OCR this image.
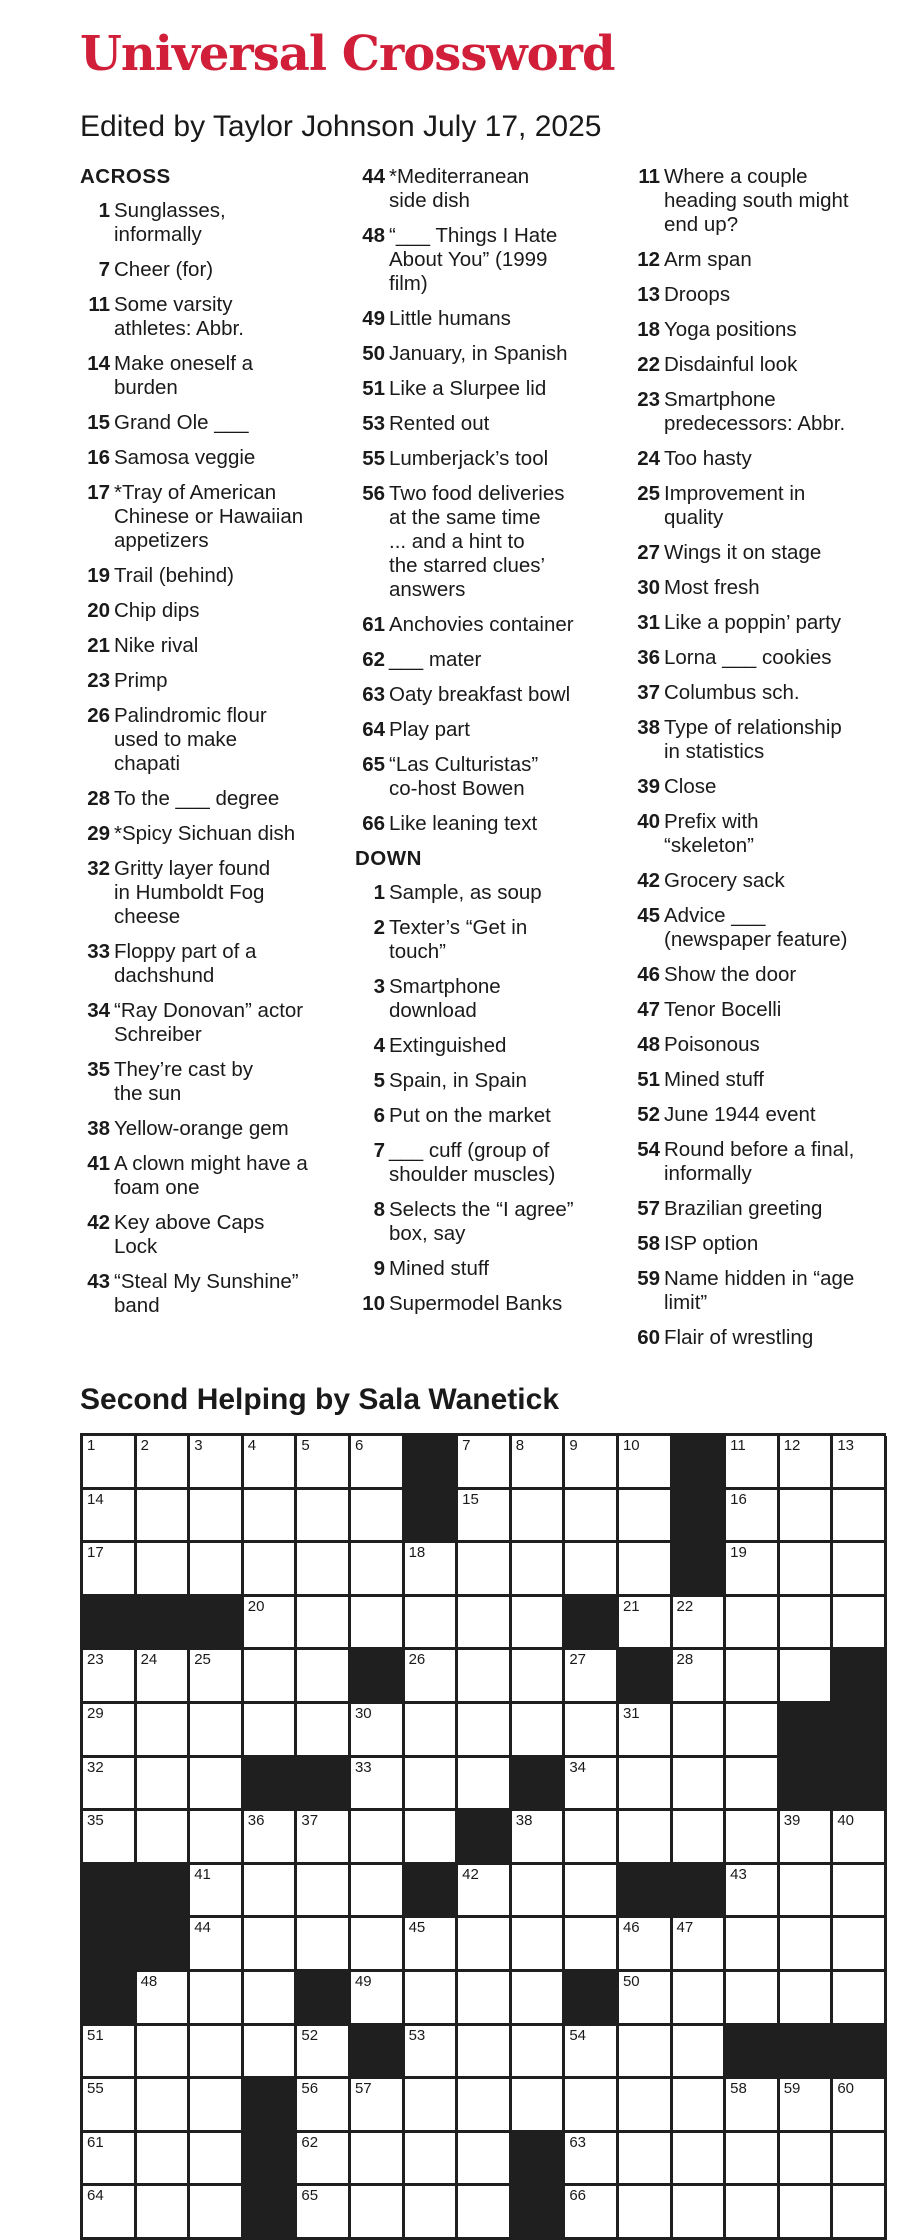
Universal Crossword
Edited by Taylor Johnson July 17, 2025
ACROSS
1 Sunglasses,
informally
7 Cheer (for)
11 Some varsity
athletes: Abbr.
14 Make oneself a
burden
15 Grand Ole ___
16 Samosa veggie
17 *Tray of American
Chinese or Hawaiian
appetizers
19 Trail (behind)
20 Chip dips
21 Nike rival
23 Primp
26 Palindromic flour
used to make
chapati
28 To the ___ degree
29 *Spicy Sichuan dish
32 Gritty layer found
in Humboldt Fog
cheese
33 Floppy part of a
dachshund
34 “Ray Donovan” actor
Schreiber
35 They’re cast by
the sun
38 Yellow-orange gem
41 A clown might have a
foam one
42 Key above Caps
Lock
43 “Steal My Sunshine”
band
44 *Mediterranean
side dish
48 “___ Things I Hate
About You” (1999
film)
49 Little humans
50 January, in Spanish
51 Like a Slurpee lid
53 Rented out
55 Lumberjack’s tool
56 Two food deliveries
at the same time
... and a hint to
the starred clues’
answers
61 Anchovies container
62 ___ mater
63 Oaty breakfast bowl
64 Play part
65 “Las Culturistas”
co-host Bowen
66 Like leaning text
DOWN
1 Sample, as soup
2 Texter’s “Get in
touch”
3 Smartphone
download
4 Extinguished
5 Spain, in Spain
6 Put on the market
7 ___ cuff (group of
shoulder muscles)
8 Selects the “I agree”
box, say
9 Mined stuff
10 Supermodel Banks
11 Where a couple
heading south might
end up?
12 Arm span
13 Droops
18 Yoga positions
22 Disdainful look
23 Smartphone
predecessors: Abbr.
24 Too hasty
25 Improvement in
quality
27 Wings it on stage
30 Most fresh
31 Like a poppin’ party
36 Lorna ___ cookies
37 Columbus sch.
38 Type of relationship
in statistics
39 Close
40 Prefix with
“skeleton”
42 Grocery sack
45 Advice ___
(newspaper feature)
46 Show the door
47 Tenor Bocelli
48 Poisonous
51 Mined stuff
52 June 1944 event
54 Round before a final,
informally
57 Brazilian greeting
58 ISP option
59 Name hidden in “age
limit”
60 Flair of wrestling
Second Helping by Sala Wanetick
1	2	3	4	5	6	7	8	9	10	11	12 13
14	15	16
17	18	19
20	21 22
23 24 25	26	27	28
29	30	31
32	33	34
35	36 37	38	39 40
41	42	43
44	45	46 47
48	49	50
51	52	53	54
55	56 57	58 59 60
61	62	63
64	65	66
